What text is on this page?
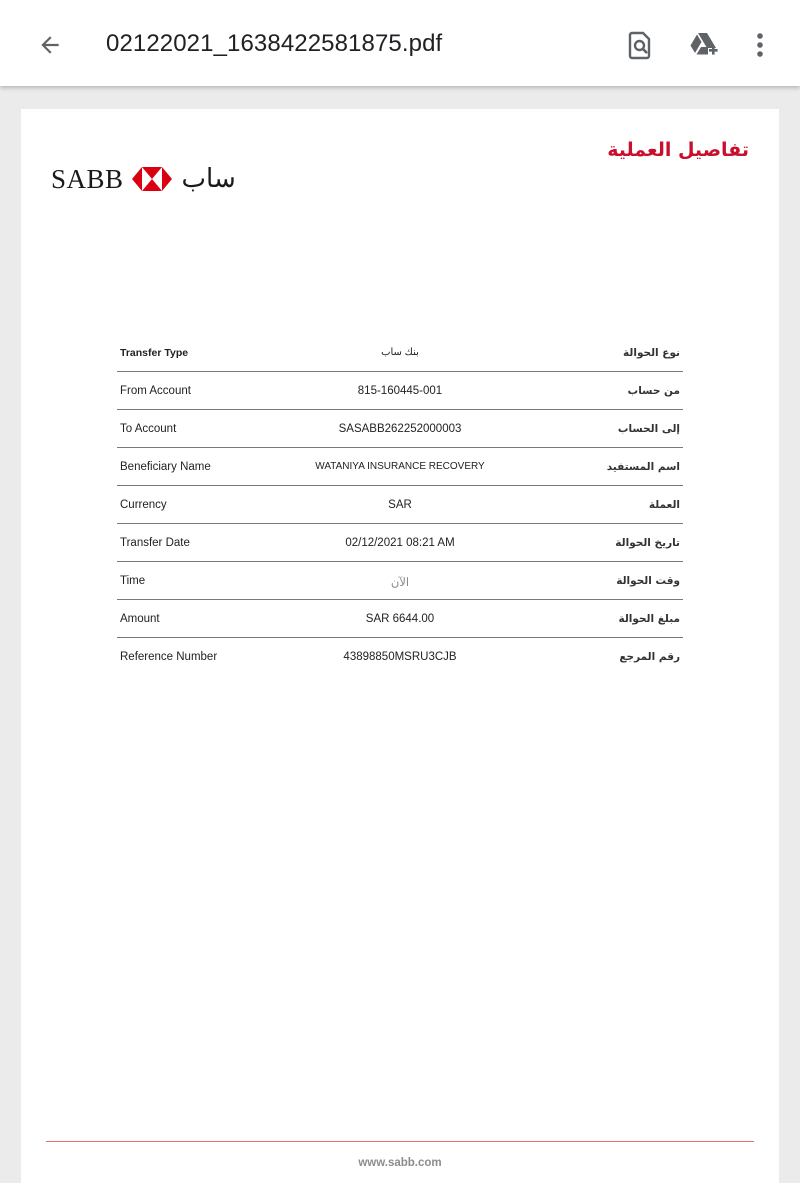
02122021_1638422581875.pdf
SABB ساب
تفاصيل العملية
Transfer Type	بنك ساب	نوع الحوالة
From Account	815-160445-001	من حساب
To Account	SASABB262252000003	إلى الحساب
Beneficiary Name	WATANIYA INSURANCE RECOVERY	اسم المستفيد
Currency	SAR	العملة
Transfer Date	02/12/2021 08:21 AM	تاريخ الحوالة
Time	الآن	وقت الحوالة
Amount	SAR 6644.00	مبلغ الحوالة
Reference Number	43898850MSRU3CJB	رقم المرجع
www.sabb.com
